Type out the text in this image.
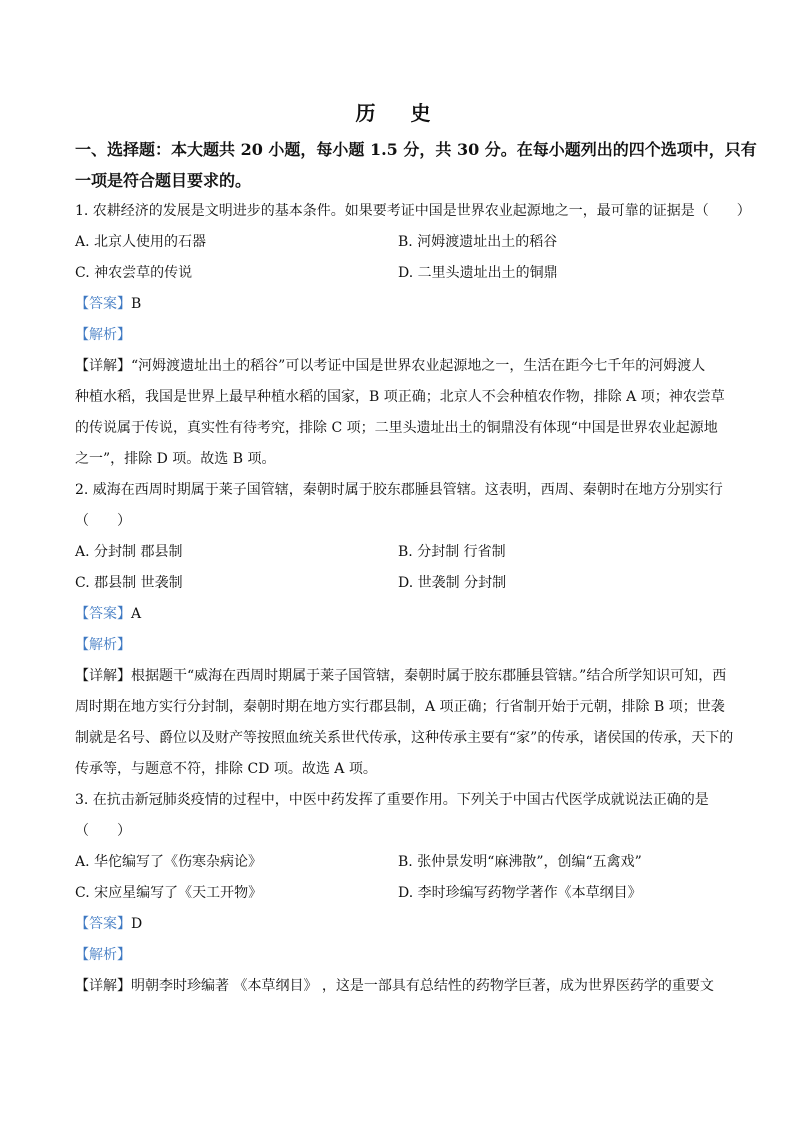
历 史
一、选择题：本大题共 20 小题，每小题 1.5 分，共 30 分。在每小题列出的四个选项中，只有
一项是符合题目要求的。
1. 农耕经济的发展是文明进步的基本条件。如果要考证中国是世界农业起源地之一，最可靠的证据是（　　）
A. 北京人使用的石器	B. 河姆渡遗址出土的稻谷
C. 神农尝草的传说	D. 二里头遗址出土的铜鼎
【答案】B
【解析】
【详解】“河姆渡遗址出土的稻谷”可以考证中国是世界农业起源地之一，生活在距今七千年的河姆渡人
种植水稻，我国是世界上最早种植水稻的国家，B 项正确；北京人不会种植农作物，排除 A 项；神农尝草
的传说属于传说，真实性有待考究，排除 C 项；二里头遗址出土的铜鼎没有体现“中国是世界农业起源地
之一”，排除 D 项。故选 B 项。
2. 威海在西周时期属于莱子国管辖，秦朝时属于胶东郡腄县管辖。这表明，西周、秦朝时在地方分别实行
（　　）
A. 分封制 郡县制	B. 分封制 行省制
C. 郡县制 世袭制	D. 世袭制 分封制
【答案】A
【解析】
【详解】根据题干“威海在西周时期属于莱子国管辖，秦朝时属于胶东郡腄县管辖。”结合所学知识可知，西
周时期在地方实行分封制，秦朝时期在地方实行郡县制，A 项正确；行省制开始于元朝，排除 B 项；世袭
制就是名号、爵位以及财产等按照血统关系世代传承，这种传承主要有“家”的传承，诸侯国的传承，天下的
传承等，与题意不符，排除 CD 项。故选 A 项。
3. 在抗击新冠肺炎疫情的过程中，中医中药发挥了重要作用。下列关于中国古代医学成就说法正确的是
（　　）
A. 华佗编写了《伤寒杂病论》	B. 张仲景发明“麻沸散”，创编“五禽戏”
C. 宋应星编写了《天工开物》	D. 李时珍编写药物学著作《本草纲目》
【答案】D
【解析】
【详解】明朝李时珍编著 《本草纲目》 ，这是一部具有总结性的药物学巨著，成为世界医药学的重要文
